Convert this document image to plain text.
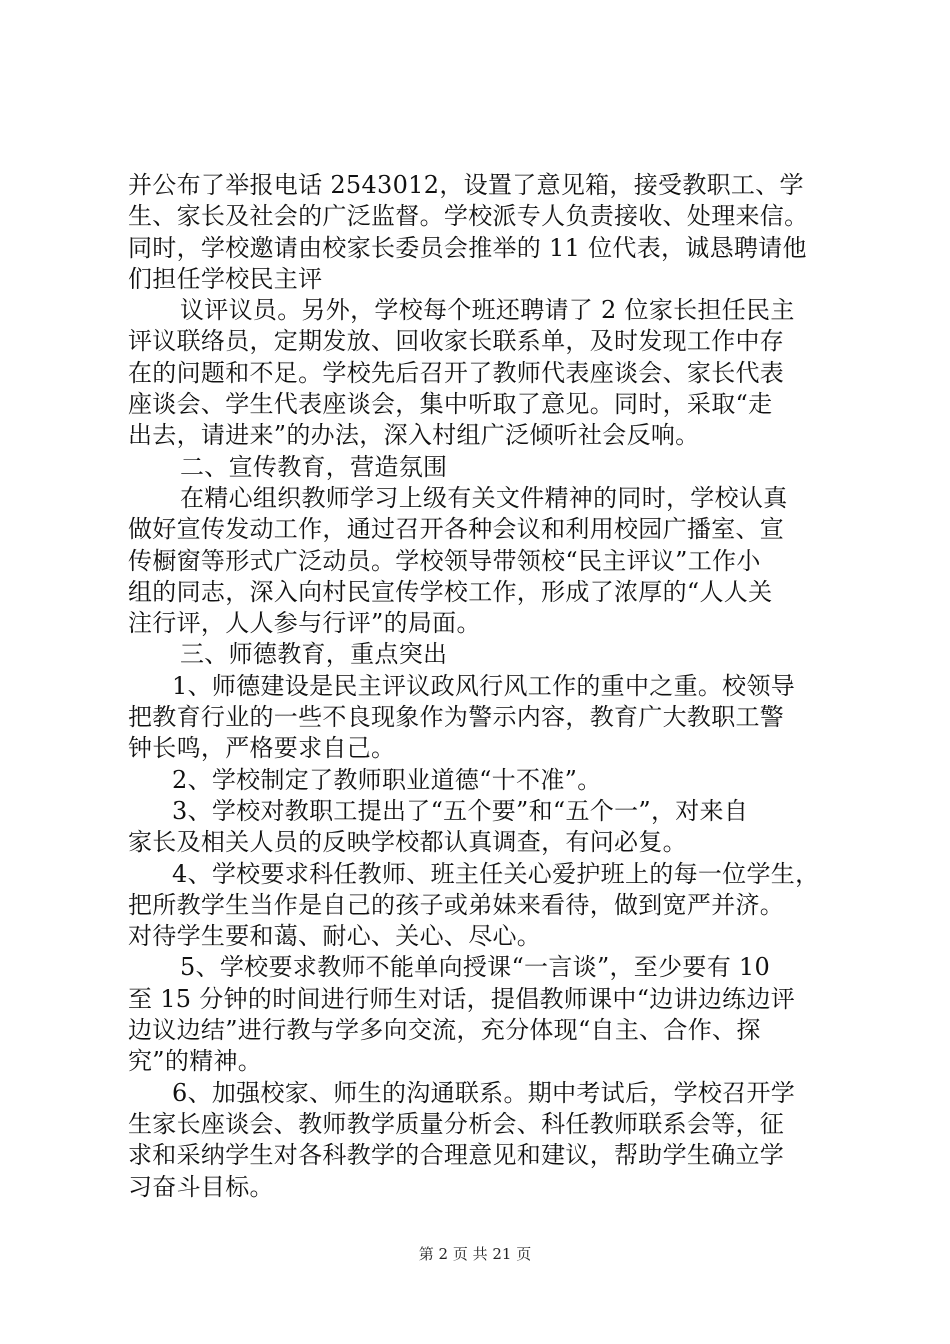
并公布了举报电话 2543012，设置了意见箱，接受教职工、学
生、家长及社会的广泛监督。学校派专人负责接收、处理来信。
同时，学校邀请由校家长委员会推举的 11 位代表，诚恳聘请他
们担任学校民主评
议评议员。另外，学校每个班还聘请了 2 位家长担任民主
评议联络员，定期发放、回收家长联系单，及时发现工作中存
在的问题和不足。学校先后召开了教师代表座谈会、家长代表
座谈会、学生代表座谈会，集中听取了意见。同时，采取“走
出去，请进来”的办法，深入村组广泛倾听社会反响。
二、宣传教育，营造氛围
在精心组织教师学习上级有关文件精神的同时，学校认真
做好宣传发动工作，通过召开各种会议和利用校园广播室、宣
传橱窗等形式广泛动员。学校领导带领校“民主评议”工作小
组的同志，深入向村民宣传学校工作，形成了浓厚的“人人关
注行评，人人参与行评”的局面。
三、师德教育，重点突出
1、师德建设是民主评议政风行风工作的重中之重。校领导
把教育行业的一些不良现象作为警示内容，教育广大教职工警
钟长鸣，严格要求自己。
2、学校制定了教师职业道德“十不准”。
3、学校对教职工提出了“五个要”和“五个一”，对来自
家长及相关人员的反映学校都认真调查，有问必复。
4、学校要求科任教师、班主任关心爱护班上的每一位学生，
把所教学生当作是自己的孩子或弟妹来看待，做到宽严并济。
对待学生要和蔼、耐心、关心、尽心。
5、学校要求教师不能单向授课“一言谈”，至少要有 10
至 15 分钟的时间进行师生对话，提倡教师课中“边讲边练边评
边议边结”进行教与学多向交流，充分体现“自主、合作、探
究”的精神。
6、加强校家、师生的沟通联系。期中考试后，学校召开学
生家长座谈会、教师教学质量分析会、科任教师联系会等，征
求和采纳学生对各科教学的合理意见和建议，帮助学生确立学
习奋斗目标。
第 2 页 共 21 页
